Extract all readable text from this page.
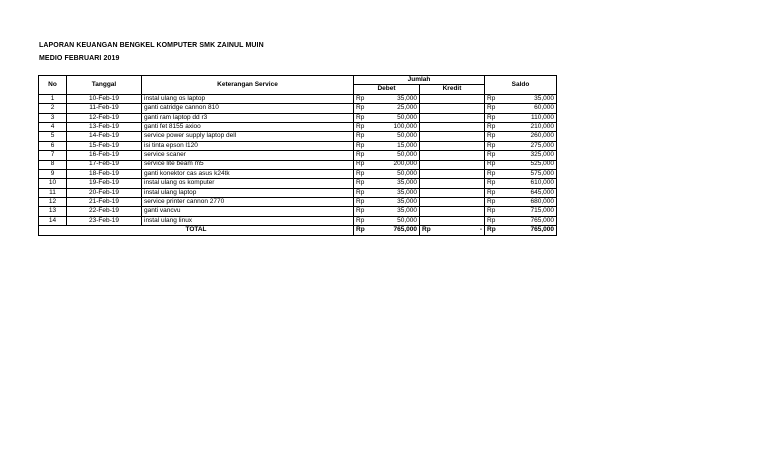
LAPORAN KEUANGAN BENGKEL KOMPUTER SMK ZAINUL MUIN
MEDIO FEBRUARI 2019
No	Tanggal	Keterangan Service	Jumlah				Saldo	
			Debet		Kredit			
1	10-Feb-19	instal ulang os laptop	Rp	35,000			Rp	35,000
2	11-Feb-19	ganti catridge cannon 810	Rp	25,000			Rp	60,000
3	12-Feb-19	ganti ram laptop dd r3	Rp	50,000			Rp	110,000
4	13-Feb-19	ganti fet 8155 axioo	Rp	100,000			Rp	210,000
5	14-Feb-19	service power supply laptop dell	Rp	50,000			Rp	260,000
6	15-Feb-19	isi tinta epson l120	Rp	15,000			Rp	275,000
7	16-Feb-19	service scaner	Rp	50,000			Rp	325,000
8	17-Feb-19	service lite beam m5	Rp	200,000			Rp	525,000
9	18-Feb-19	ganti konektor cas asus k24tk	Rp	50,000			Rp	575,000
10	19-Feb-19	instal ulang os komputer	Rp	35,000			Rp	610,000
11	20-Feb-19	instal ulang laptop	Rp	35,000			Rp	645,000
12	21-Feb-19	service printer cannon 2770	Rp	35,000			Rp	680,000
13	22-Feb-19	ganti vancvu	Rp	35,000			Rp	715,000
14	23-Feb-19	instal ulang linux	Rp	50,000			Rp	765,000
TOTAL			Rp	765,000	Rp	-	Rp	765,000
